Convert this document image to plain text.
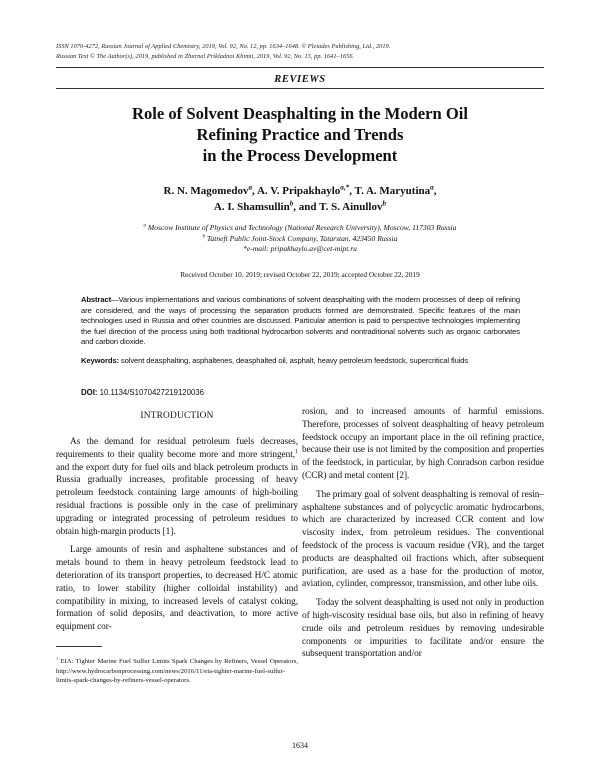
ISSN 1070-4272, Russian Journal of Applied Chemistry, 2019, Vol. 92, No. 12, pp. 1634–1648. © Pleiades Publishing, Ltd., 2019.
Russian Text © The Author(s), 2019, published in Zhurnal Prikladnoi Khimii, 2019, Vol. 92, No. 13, pp. 1641–1656.
REVIEWS
Role of Solvent Deasphalting in the Modern Oil
Refining Practice and Trends
in the Process Development
R. N. Magomedov$^a$, A. V. Pripakhaylo$^{a,*}$, T. A. Maryutina$^a$,
A. I. Shamsullin$^b$, and T. S. Ainullov$^b$
$^a$ Moscow Institute of Physics and Technology (National Research University), Moscow, 117303 Russia
$^b$ Tatneft Public Joint-Stock Company, Tatarstan, 423450 Russia
*e-mail: pripakhaylo.av@cet-mipt.ru
Received October 10, 2019; revised October 22, 2019; accepted October 22, 2019
Abstract—Various implementations and various combinations of solvent deasphalting with the modern processes of deep oil refining are considered, and the ways of processing the separation products formed are demonstrated. Specific features of the main technologies used in Russia and other countries are discussed. Particular attention is paid to perspective technologies implementing the fuel direction of the process using both traditional hydrocarbon solvents and nontraditional solvents such as organic carbonates and carbon dioxide.
Keywords: solvent deasphalting, asphaltenes, deasphalted oil, asphalt, heavy petroleum feedstock, supercritical fluids
DOI: 10.1134/S1070427219120036
INTRODUCTION

As the demand for residual petroleum fuels decreases, requirements to their quality become more and more stringent,$^1$ and the export duty for fuel oils and black petroleum products in Russia gradually increases, profitable processing of heavy petroleum feedstock containing large amounts of high-boiling residual fractions is possible only in the case of preliminary upgrading or integrated processing of petroleum residues to obtain high-margin products [1].

Large amounts of resin and asphaltene substances and of metals bound to them in heavy petroleum feedstock lead to deterioration of its transport properties, to decreased H/C atomic ratio, to lower stability (higher colloidal instability) and compatibility in mixing, to increased levels of catalyst coking, formation of solid deposits, and deactivation, to more active equipment cor-

rosion, and to increased amounts of harmful emissions. Therefore, processes of solvent deasphalting of heavy petroleum feedstock occupy an important place in the oil refining practice, because their use is not limited by the composition and properties of the feedstock, in particular, by high Conradson carbon residue (CCR) and metal content [2].

The primary goal of solvent deasphalting is removal of resin–asphaltene substances and of polycyclic aromatic hydrocarbons, which are characterized by increased CCR content and low viscosity index, from petroleum residues. The conventional feedstock of the process is vacuum residue (VR), and the target products are deasphalted oil fractions which, after subsequent purification, are used as a base for the production of motor, aviation, cylinder, compressor, transmission, and other lube oils.

Today the solvent deasphalting is used not only in production of high-viscosity residual base oils, but also in refining of heavy crude oils and petroleum residues by removing undesirable components or impurities to facilitate and/or ensure the subsequent transportation and/or

$^1$ EIA: Tighter Marine Fuel Sulfur Limits Spark Changes by Refiners, Vessel Operators, http://www.hydrocarbonprocessing.com/news/2016/11/eia-tighter-marine-fuel-sulfur-limits-spark-changes-by-refiners-vessel-operators.
1634
